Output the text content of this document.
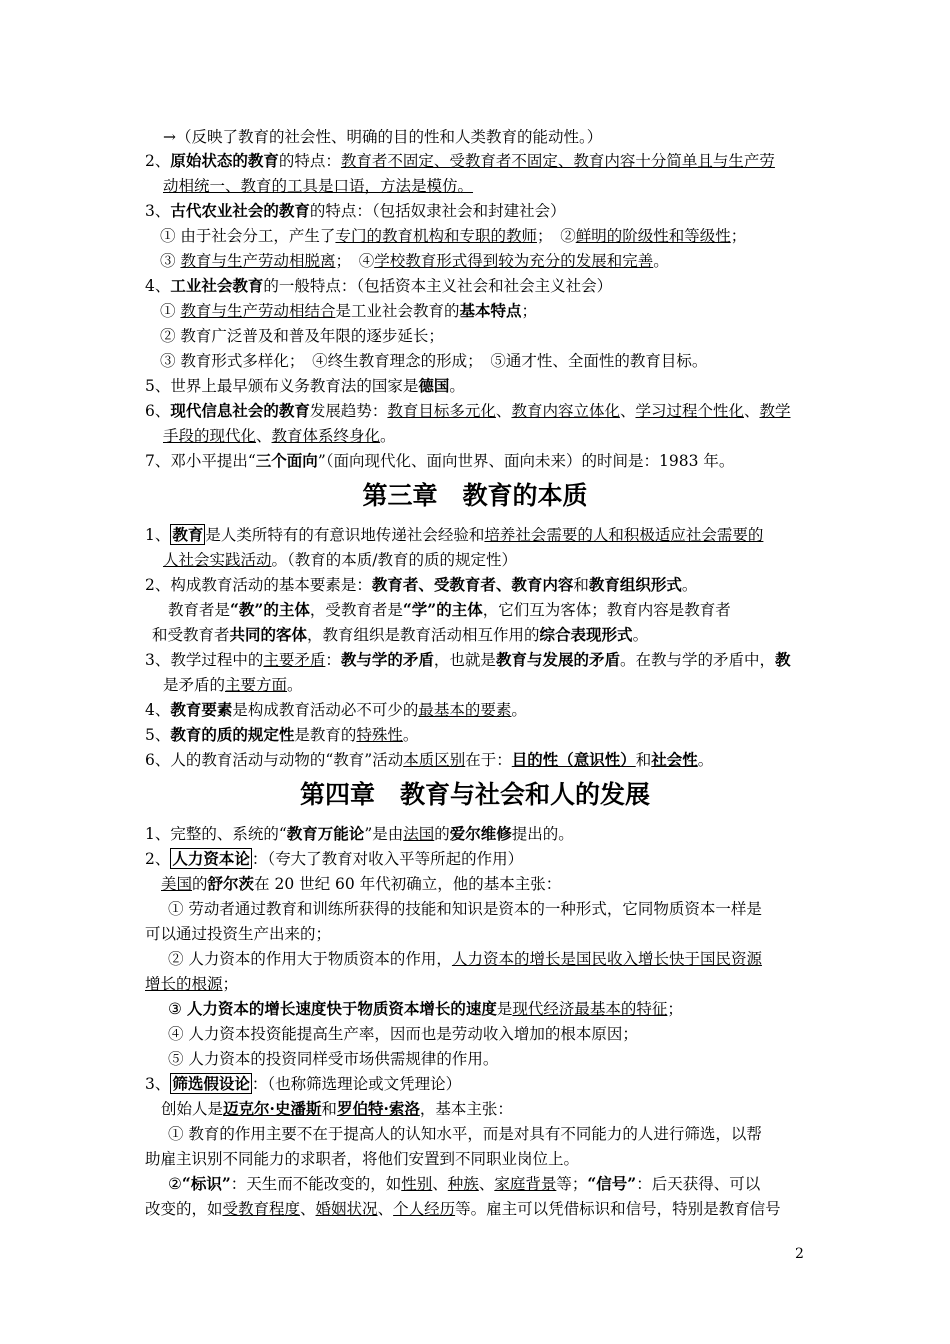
→（反映了教育的社会性、明确的目的性和人类教育的能动性。）
2、原始状态的教育的特点：教育者不固定、受教育者不固定、教育内容十分简单且与生产劳
动相统一、教育的工具是口语，方法是模仿。
3、古代农业社会的教育的特点：（包括奴隶社会和封建社会）
① 由于社会分工，产生了专门的教育机构和专职的教师；　②鲜明的阶级性和等级性；
③ 教育与生产劳动相脱离；　④学校教育形式得到较为充分的发展和完善。
4、工业社会教育的一般特点：（包括资本主义社会和社会主义社会）
① 教育与生产劳动相结合是工业社会教育的基本特点；
② 教育广泛普及和普及年限的逐步延长；
③ 教育形式多样化；　④终生教育理念的形成；　⑤通才性、全面性的教育目标。
5、世界上最早颁布义务教育法的国家是德国。
6、现代信息社会的教育发展趋势：教育目标多元化、教育内容立体化、学习过程个性化、教学
手段的现代化、教育体系终身化。
7、邓小平提出“三个面向”（面向现代化、面向世界、面向未来）的时间是：1983 年。
第三章　教育的本质
1、 教育 是人类所特有的有意识地传递社会经验和培养社会需要的人和积极适应社会需要的
人社会实践活动。（教育的本质/教育的质的规定性）
2、构成教育活动的基本要素是：教育者、受教育者、教育内容和教育组织形式。
教育者是“教”的主体，受教育者是“学”的主体，它们互为客体；教育内容是教育者
和受教育者共同的客体，教育组织是教育活动相互作用的综合表现形式。
3、教学过程中的主要矛盾：教与学的矛盾，也就是教育与发展的矛盾。在教与学的矛盾中，教
是矛盾的主要方面。
4、教育要素是构成教育活动必不可少的最基本的要素。
5、教育的质的规定性是教育的特殊性。
6、人的教育活动与动物的“教育”活动本质区别在于：目的性（意识性）和社会性。
第四章　教育与社会和人的发展
1、完整的、系统的“教育万能论”是由法国的爱尔维修提出的。
2、 人力资本论 ：（夸大了教育对收入平等所起的作用）
美国的舒尔茨在 20 世纪 60 年代初确立，他的基本主张：
① 劳动者通过教育和训练所获得的技能和知识是资本的一种形式，它同物质资本一样是
可以通过投资生产出来的；
② 人力资本的作用大于物质资本的作用，人力资本的增长是国民收入增长快于国民资源
增长的根源；
③ 人力资本的增长速度快于物质资本增长的速度是现代经济最基本的特征；
④ 人力资本投资能提高生产率，因而也是劳动收入增加的根本原因；
⑤ 人力资本的投资同样受市场供需规律的作用。
3、 筛选假设论 ：（也称筛选理论或文凭理论）
创始人是迈克尔·史潘斯和罗伯特·索洛，基本主张：
① 教育的作用主要不在于提高人的认知水平，而是对具有不同能力的人进行筛选，以帮
助雇主识别不同能力的求职者，将他们安置到不同职业岗位上。
②“标识”：天生而不能改变的，如性别、种族、家庭背景等；“信号”：后天获得、可以
改变的，如受教育程度、婚姻状况、个人经历等。雇主可以凭借标识和信号，特别是教育信号
2
